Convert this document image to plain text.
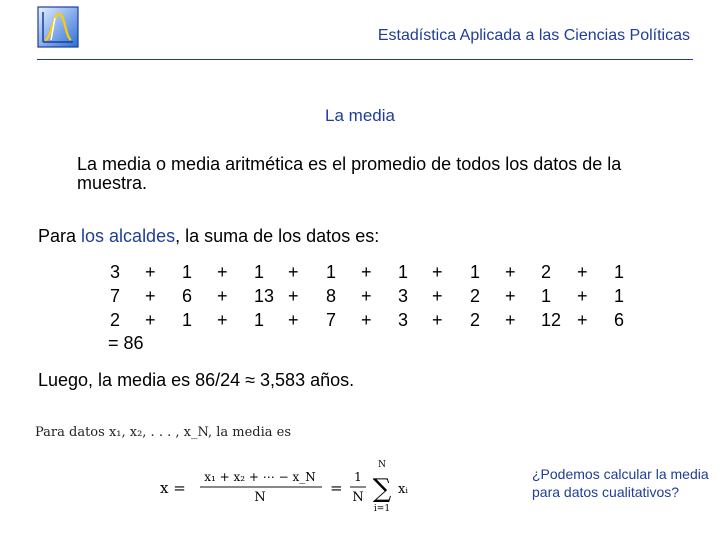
Estadística Aplicada a las Ciencias Políticas
La media
La media o media aritmética es el promedio de todos los datos de la muestra.
Para los alcaldes, la suma de los datos es:
3
7
2
+
+
+
1
6
1
+
+
+
1
13
1
+
+
+
1
8
7
+
+
+
1
3
3
+
+
+
1
2
2
+
+
+
2
1
12
+
+
+
1
1
6
= 86
Luego, la media es 86/24 ≈ 3,583 años.
Para datos x₁, x₂, . . . , x_N, la media es
x =
x₁ + x₂ + ⋯ − x_N
N
=
1
N
N
∑
i=1
xᵢ
¿Podemos calcular la media para datos cualitativos?
